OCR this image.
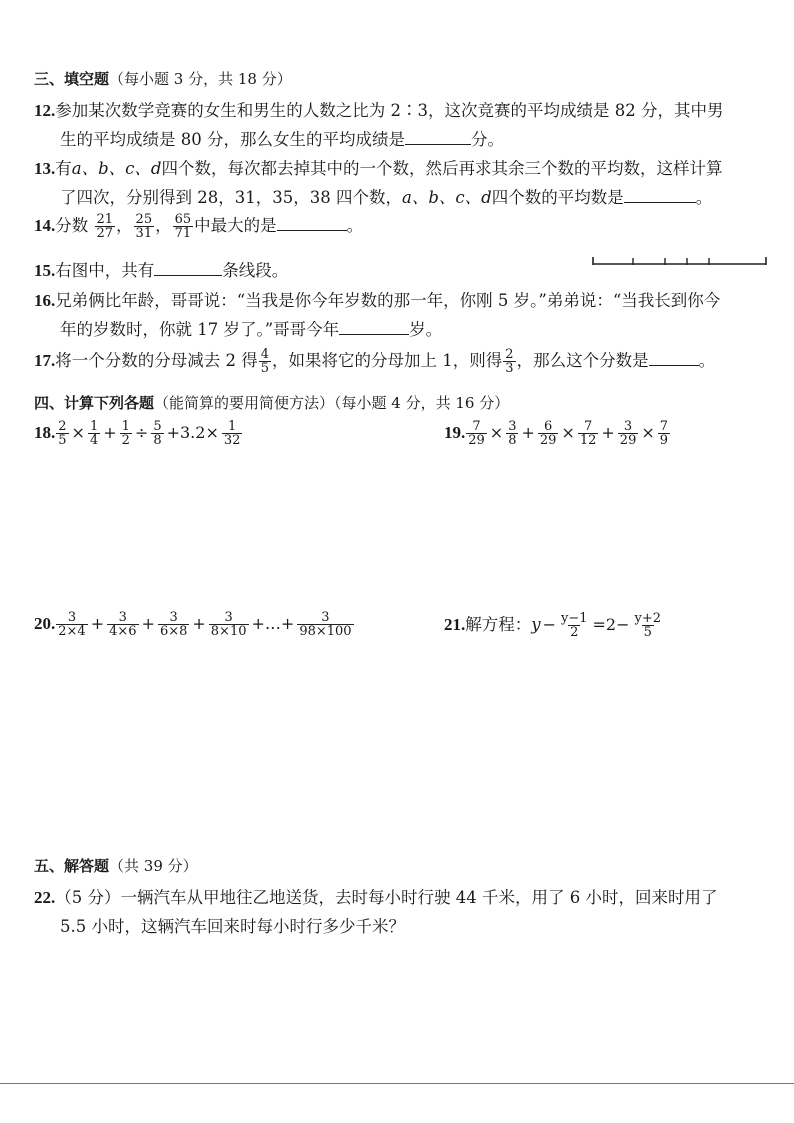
三、填空题（每小题 3 分，共 18 分）
12.参加某次数学竞赛的女生和男生的人数之比为 2∶3，这次竞赛的平均成绩是 82 分，其中男
生的平均成绩是 80 分，那么女生的平均成绩是	分。
13.有a、b、c、d四个数，每次都去掉其中的一个数，然后再求其余三个数的平均数，这样计算
了四次，分别得到 28，31，35，38 四个数，a、b、c、d四个数的平均数是	。
14.分数 $\frac{21}{27}$ ， $\frac{25}{31}$ ， $\frac{65}{71}$ 中最大的是	。
15.右图中，共有	条线段。
16.兄弟俩比年龄，哥哥说：“当我是你今年岁数的那一年，你刚 5 岁。”弟弟说：“当我长到你今
年的岁数时，你就 17 岁了。”哥哥今年	岁。
17.将一个分数的分母减去 2 得 $\frac{4}{5}$ ，如果将它的分母加上 1，则得 $\frac{2}{3}$ ，那么这个分数是	。
四、计算下列各题（能简算的要用简便方法）（每小题 4 分，共 16 分）
18. $\frac{2}{5} \times \frac{1}{4} + \frac{1}{2} \div \frac{5}{8} +3.2\times \frac{1}{32}$	19. $\frac{7}{29} \times \frac{3}{8} + \frac{6}{29} \times \frac{7}{12} + \frac{3}{29} \times \frac{7}{9}$
20. $\frac{3}{2\times 4} + \frac{3}{4\times 6} + \frac{3}{6\times 8} + \frac{3}{8\times 10}$ +…+ $\frac{3}{98\times 100}$	21.解方程：$y - \frac{y-1}{2} =2- \frac{y+2}{5}$
五、解答题（共 39 分）
22.（5 分）一辆汽车从甲地往乙地送货，去时每小时行驶 44 千米，用了 6 小时，回来时用了
5.5 小时，这辆汽车回来时每小时行多少千米？
